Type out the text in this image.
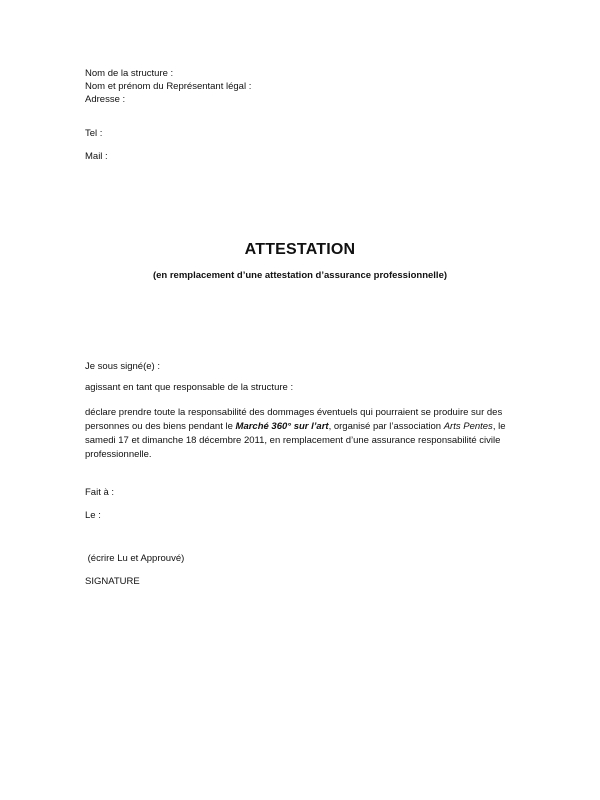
Nom de la structure :
Nom et prénom du Représentant légal :
Adresse :
Tel :
Mail :
ATTESTATION
(en remplacement d’une attestation d’assurance professionnelle)
Je sous signé(e) :
agissant en tant que responsable de la structure :
déclare prendre toute la responsabilité des dommages éventuels qui pourraient se produire sur des personnes ou des biens pendant le Marché 360° sur l’art, organisé par l’association Arts Pentes, le samedi 17 et dimanche 18 décembre 2011, en remplacement d’une assurance responsabilité civile professionnelle.
Fait à :
Le :
(écrire Lu et Approuvé)
SIGNATURE
